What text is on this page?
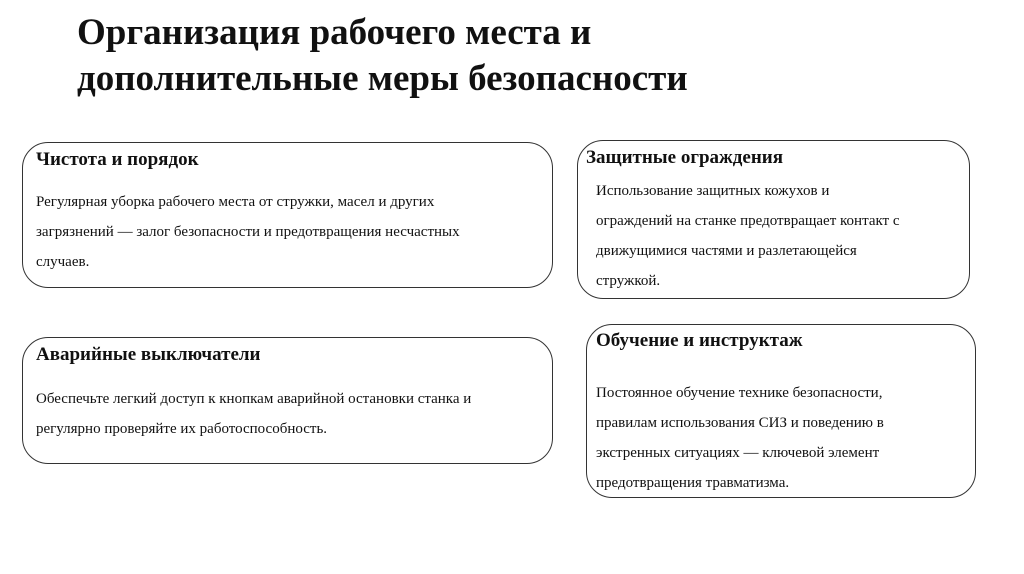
Организация рабочего места и
дополнительные меры безопасности
Чистота и порядок
Регулярная уборка рабочего места от стружки, масел и других
загрязнений — залог безопасности и предотвращения несчастных
случаев.
Аварийные выключатели
Обеспечьте легкий доступ к кнопкам аварийной остановки станка и
регулярно проверяйте их работоспособность.
Защитные ограждения
Использование защитных кожухов и
ограждений на станке предотвращает контакт с
движущимися частями и разлетающейся
стружкой.
Обучение и инструктаж
Постоянное обучение технике безопасности,
правилам использования СИЗ и поведению в
экстренных ситуациях — ключевой элемент
предотвращения травматизма.
